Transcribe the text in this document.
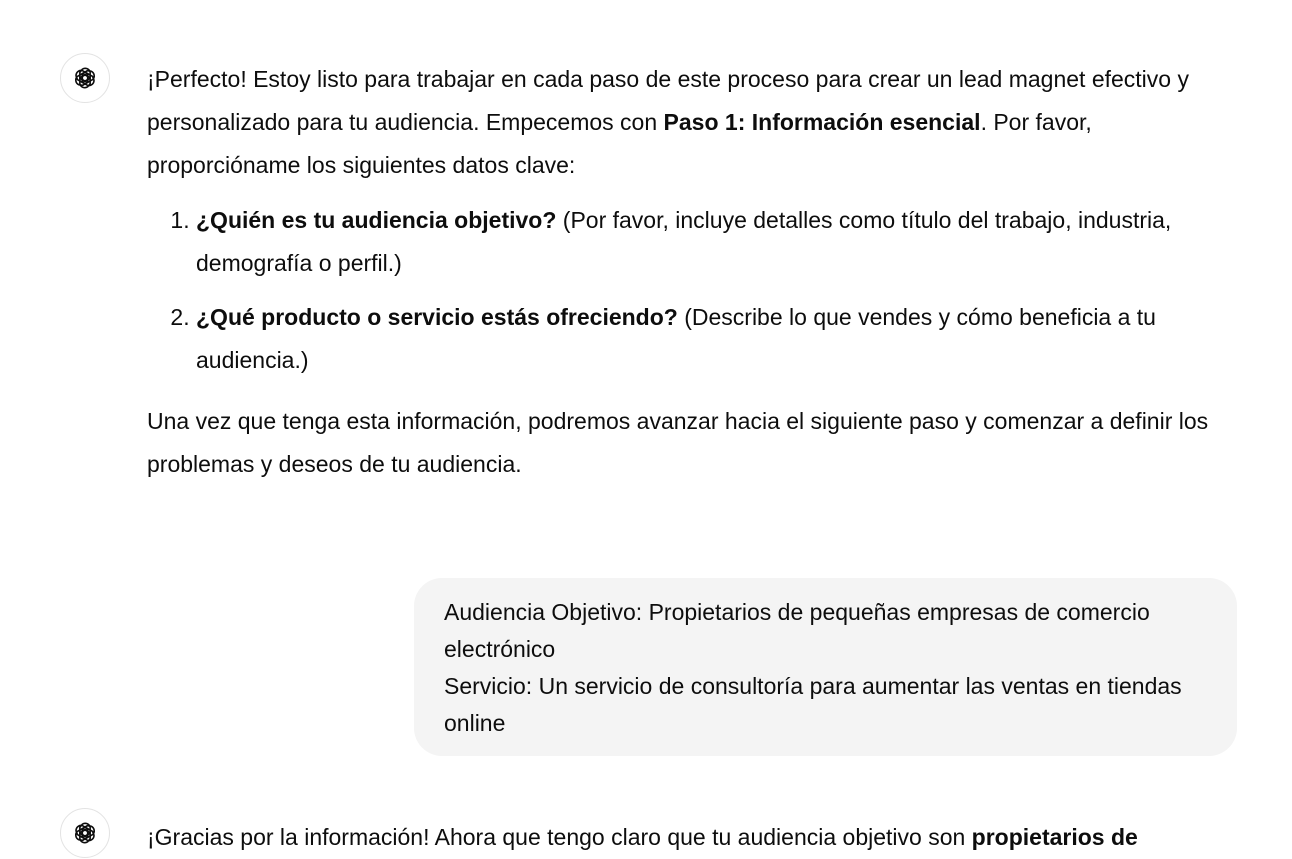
¡Perfecto! Estoy listo para trabajar en cada paso de este proceso para crear un lead magnet efectivo y personalizado para tu audiencia. Empecemos con Paso 1: Información esencial. Por favor, proporcióname los siguientes datos clave:

1. ¿Quién es tu audiencia objetivo? (Por favor, incluye detalles como título del trabajo, industria, demografía o perfil.)
2. ¿Qué producto o servicio estás ofreciendo? (Describe lo que vendes y cómo beneficia a tu audiencia.)

Una vez que tenga esta información, podremos avanzar hacia el siguiente paso y comenzar a definir los problemas y deseos de tu audiencia.

Audiencia Objetivo: Propietarios de pequeñas empresas de comercio electrónico
Servicio: Un servicio de consultoría para aumentar las ventas en tiendas online
¡Gracias por la información! Ahora que tengo claro que tu audiencia objetivo son propietarios de
